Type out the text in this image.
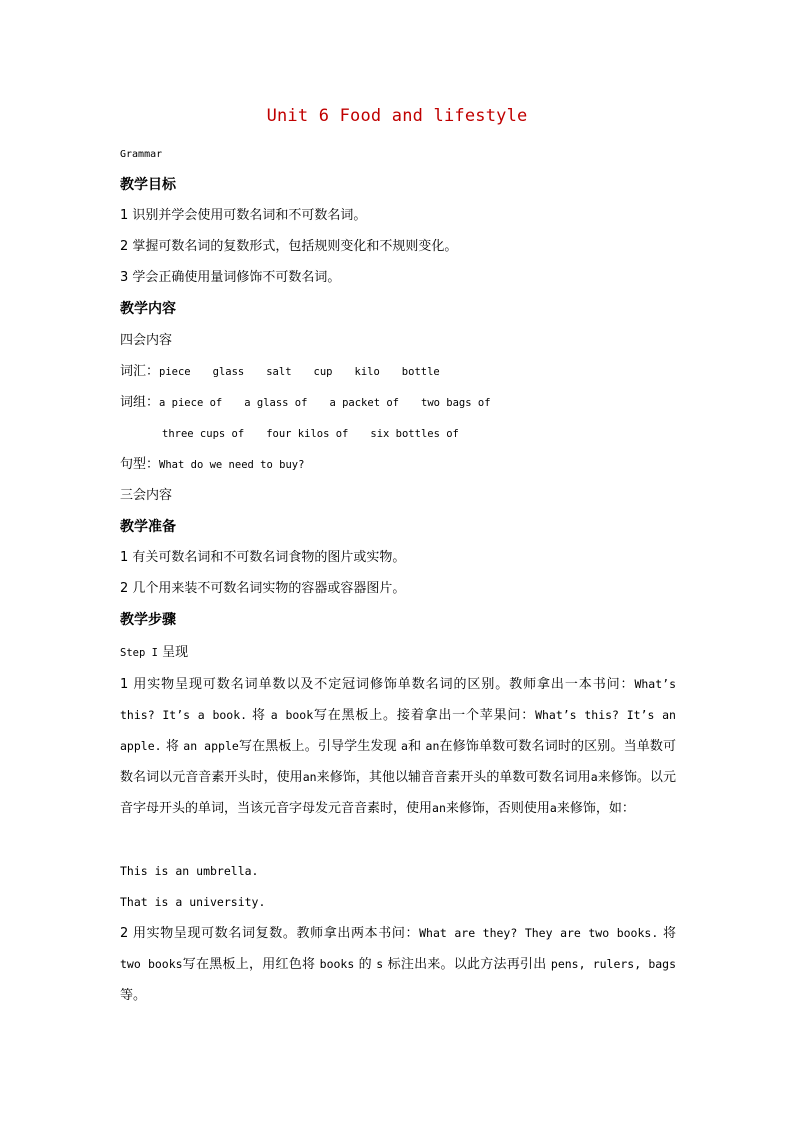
Unit 6 Food and lifestyle
Grammar
教学目标
1 识别并学会使用可数名词和不可数名词。
2 掌握可数名词的复数形式，包括规则变化和不规则变化。
3 学会正确使用量词修饰不可数名词。
教学内容
四会内容
词汇：piece glass salt cup kilo bottle
词组：a piece of a glass of a packet of two bags of
three cups of four kilos of six bottles of
句型：What do we need to buy?
三会内容
教学准备
1 有关可数名词和不可数名词食物的图片或实物。
2 几个用来装不可数名词实物的容器或容器图片。
教学步骤
Step I 呈现
1 用实物呈现可数名词单数以及不定冠词修饰单数名词的区别。教师拿出一本书问：What’s this? It’s a book. 将 a book写在黑板上。接着拿出一个苹果问：What’s this? It’s an apple. 将 an apple写在黑板上。引导学生发现 a和 an在修饰单数可数名词时的区别。当单数可数名词以元音音素开头时，使用an来修饰，其他以辅音音素开头的单数可数名词用a来修饰。以元音字母开头的单词，当该元音字母发元音音素时，使用an来修饰，否则使用a来修饰，如：
This is an umbrella.
That is a university.
2 用实物呈现可数名词复数。教师拿出两本书问：What are they? They are two books. 将 two books写在黑板上，用红色将 books 的 s 标注出来。以此方法再引出 pens, rulers, bags 等。
